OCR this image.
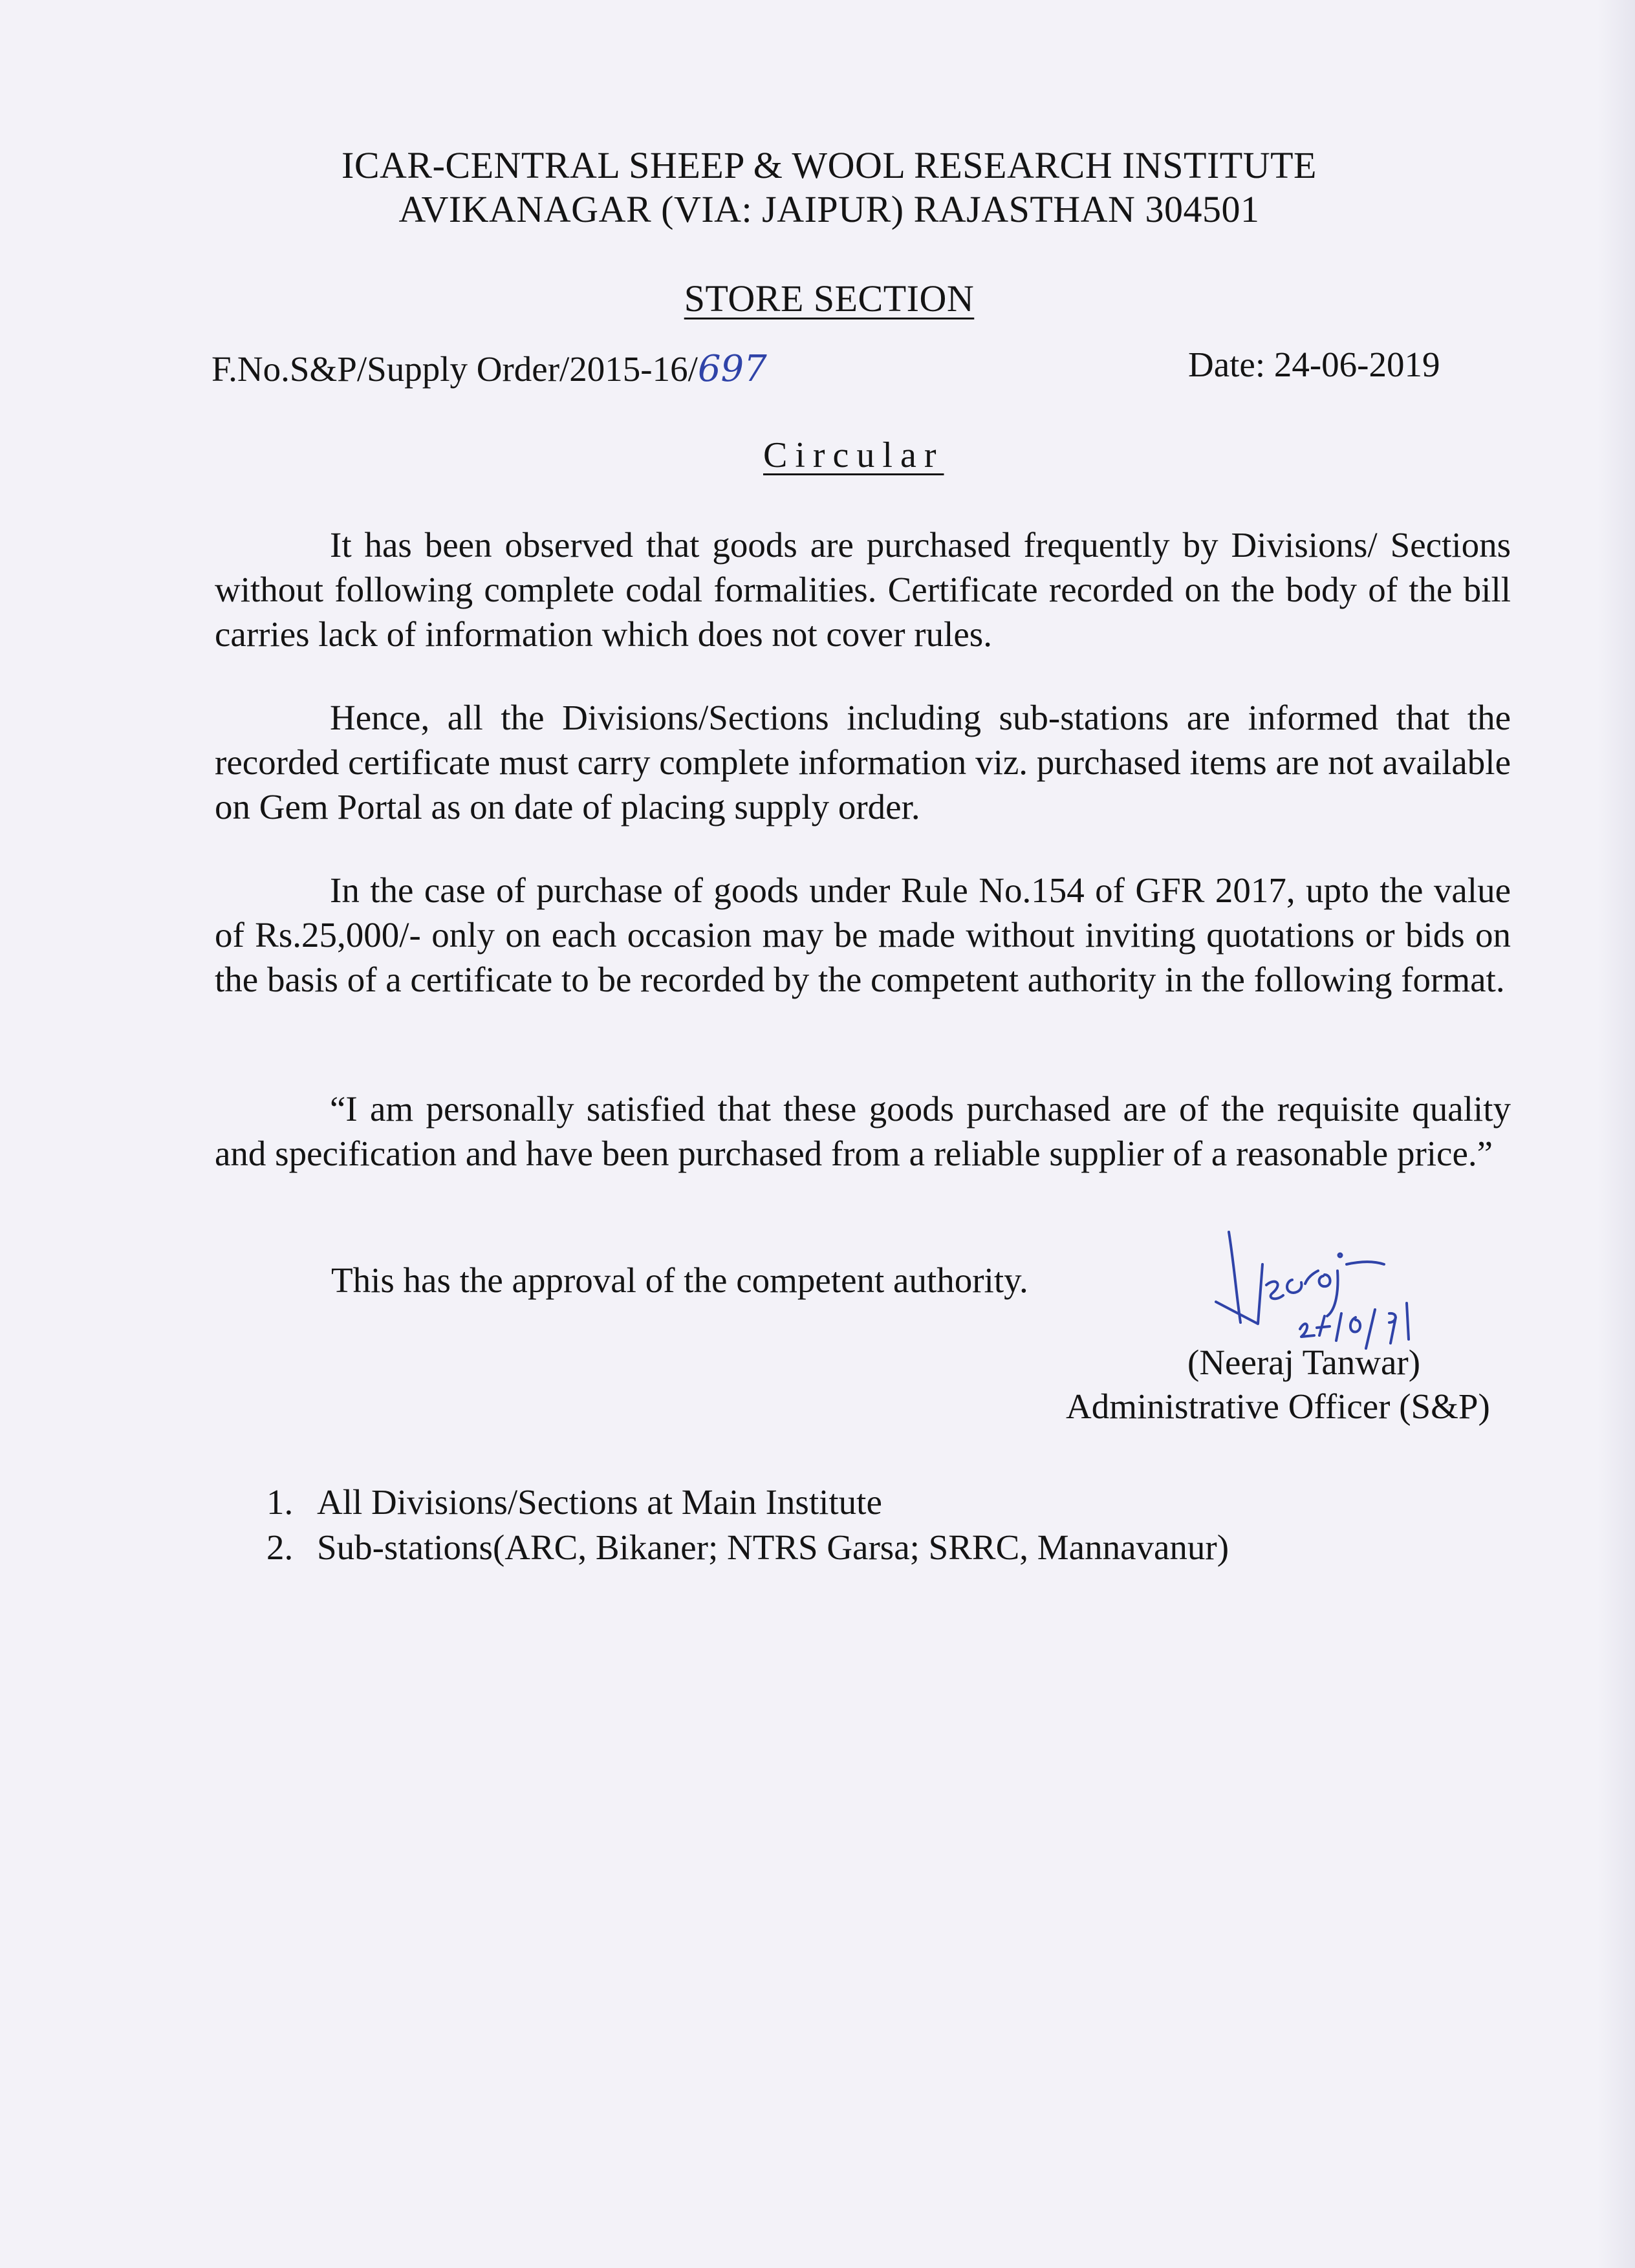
ICAR-CENTRAL SHEEP & WOOL RESEARCH INSTITUTE
AVIKANAGAR (VIA: JAIPUR) RAJASTHAN 304501
STORE SECTION
F.No.S&P/Supply Order/2015-16/697	Date: 24-06-2019
Circular
It has been observed that goods are purchased frequently by Divisions/ Sections without following complete codal formalities. Certificate recorded on the body of the bill carries lack of information which does not cover rules.
Hence, all the Divisions/Sections including sub-stations are informed that the recorded certificate must carry complete information viz. purchased items are not available on Gem Portal as on date of placing supply order.
In the case of purchase of goods under Rule No.154 of GFR 2017, upto the value of Rs.25,000/- only on each occasion may be made without inviting quotations or bids on the basis of a certificate to be recorded by the competent authority in the following format.
“I am personally satisfied that these goods purchased are of the requisite quality and specification and have been purchased from a reliable supplier of a reasonable price.”
This has the approval of the competent authority.
(Neeraj Tanwar)
Administrative Officer (S&P)
1. All Divisions/Sections at Main Institute
2. Sub-stations(ARC, Bikaner; NTRS Garsa; SRRC, Mannavanur)
